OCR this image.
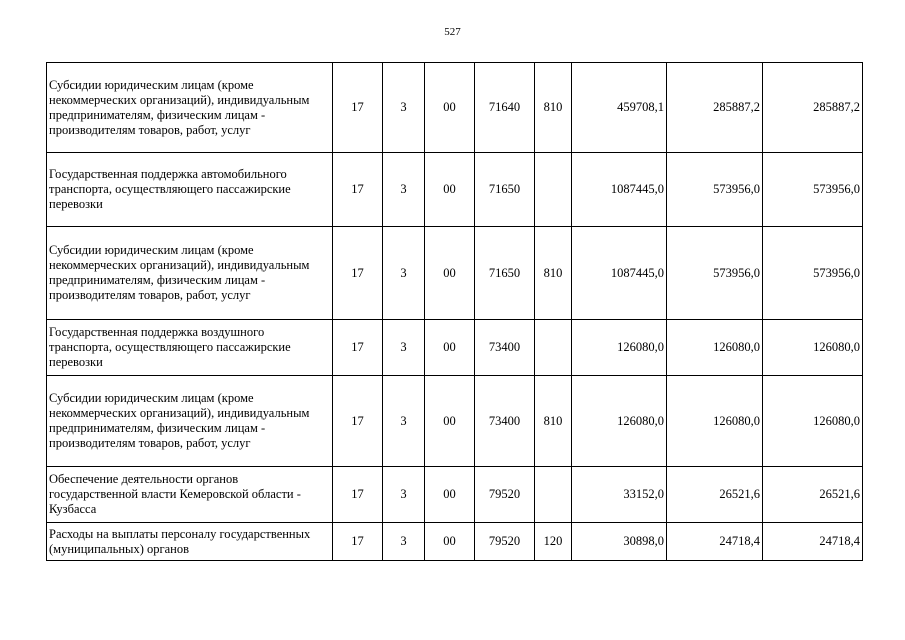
527
Субсидии юридическим лицам (кроме некоммерческих организаций), индивидуальным предпринимателям, физическим лицам - производителям товаров, работ, услуг	17	3	00	71640	810	459708,1	285887,2	285887,2
Государственная поддержка автомобильного транспорта, осуществляющего пассажирские перевозки	17	3	00	71650		1087445,0	573956,0	573956,0
Субсидии юридическим лицам (кроме некоммерческих организаций), индивидуальным предпринимателям, физическим лицам - производителям товаров, работ, услуг	17	3	00	71650	810	1087445,0	573956,0	573956,0
Государственная поддержка воздушного транспорта, осуществляющего пассажирские перевозки	17	3	00	73400		126080,0	126080,0	126080,0
Субсидии юридическим лицам (кроме некоммерческих организаций), индивидуальным предпринимателям, физическим лицам - производителям товаров, работ, услуг	17	3	00	73400	810	126080,0	126080,0	126080,0
Обеспечение деятельности органов государственной власти Кемеровской области - Кузбасса	17	3	00	79520		33152,0	26521,6	26521,6
Расходы на выплаты персоналу государственных (муниципальных) органов	17	3	00	79520	120	30898,0	24718,4	24718,4
